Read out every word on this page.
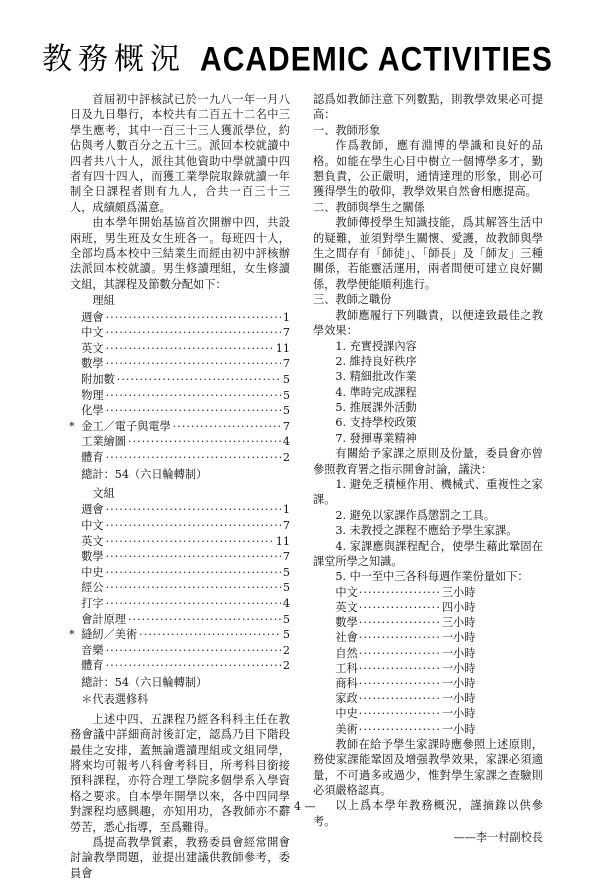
教務概況 ACADEMIC ACTIVITIES

首屆初中評核試已於一九八一年一月八日及九日舉行，本校共有二百五十二名中三學生應考，其中一百三十三人獲派學位，約佔與考人數百分之五十三。派回本校就讀中四者共八十人，派往其他資助中學就讀中四者有四十四人，而獲工業學院取錄就讀一年制全日課程者則有九人，合共一百三十三人，成績頗爲滿意。

由本學年開始基協首次開辦中四，共設兩班，男生班及女生班各一。每班四十人，全部均爲本校中三結業生而經由初中評核辦法派回本校就讀。男生修讀理組，女生修讀文組，其課程及節數分配如下：

理組
週會 ·····	1
中文 ·····	7
英文 ·····	11
數學 ·····	7
附加數 ·····	5
物理 ·····	5
化學 ·····	5
* 金工／電子與電學 ·····	7
工業繪圖 ·····	4
體育 ·····	2
總計：54（六日輪轉制）
文組
週會 ·····	1
中文 ·····	7
英文 ·····	11
數學 ·····	7
中史 ·····	5
經公 ·····	5
打字 ·····	4
會計原理 ·····	5
* 縫紉／美術 ·····	5
音樂 ·····	2
體育 ·····	2
總計：54（六日輪轉制）
＊代表選修科

上述中四、五課程乃經各科科主任在教務會議中詳細商討後訂定，認爲乃目下階段最佳之安排，蓋無論選讀理組或文組同學，將來均可報考八科會考科目，所考科目銜接預科課程，亦符合理工學院多個學系入學資格之要求。自本學年開學以來，各中四同學對課程均感興趣，亦知用功，各教師亦不辭勞苦，悉心指導，至爲難得。

爲提高教學質素，教務委員會經常開會討論教學問題，並提出建議供教師參考，委員會

認爲如教師注意下列數點，則教學效果必可提高：

一、教師形象

作爲教師，應有淵博的學識和良好的品格。如能在學生心目中樹立一個博學多才，勤懇負責，公正嚴明，通情達理的形象，則必可獲得學生的敬仰，教學效果自然會相應提高。

二、教師與學生之關係

教師傳授學生知識技能，爲其解答生活中的疑難，並須對學生關懷、愛護，故教師與學生之間存有「師徒」、「師長」及「師友」三種關係，若能靈活運用，兩者間便可建立良好關係，教學便能順利進行。

三、教師之職份

教師應履行下列職責，以便達致最佳之教學效果：

1. 充實授課內容
2. 維持良好秩序
3. 精細批改作業
4. 準時完成課程
5. 推展課外活動
6. 支持學校政策
7. 發揮專業精神

有關給予家課之原則及份量，委員會亦曾參照教育署之指示開會討論，議決：

1. 避免乏積極作用、機械式、重複性之家課。

2. 避免以家課作爲懲罰之工具。

3. 未教授之課程不應給予學生家課。

4. 家課應與課程配合，使學生藉此鞏固在課堂所學之知識。

5. 中一至中三各科每週作業份量如下：

中文 ·····	三小時
英文 ·····	四小時
數學 ·····	三小時
社會 ·····	一小時
自然 ·····	一小時
工科 ·····	一小時
商科 ·····	一小時
家政 ·····	一小時
中史 ·····	一小時
美術 ·····	一小時

教師在給予學生家課時應參照上述原則，務使家課能鞏固及增强教學效果，家課必須適量，不可過多或過少，惟對學生家課之查驗則必須嚴格認真。

以上爲本學年教務概況，謹摘錄以供參考。

——李一村副校長
— 4 —
